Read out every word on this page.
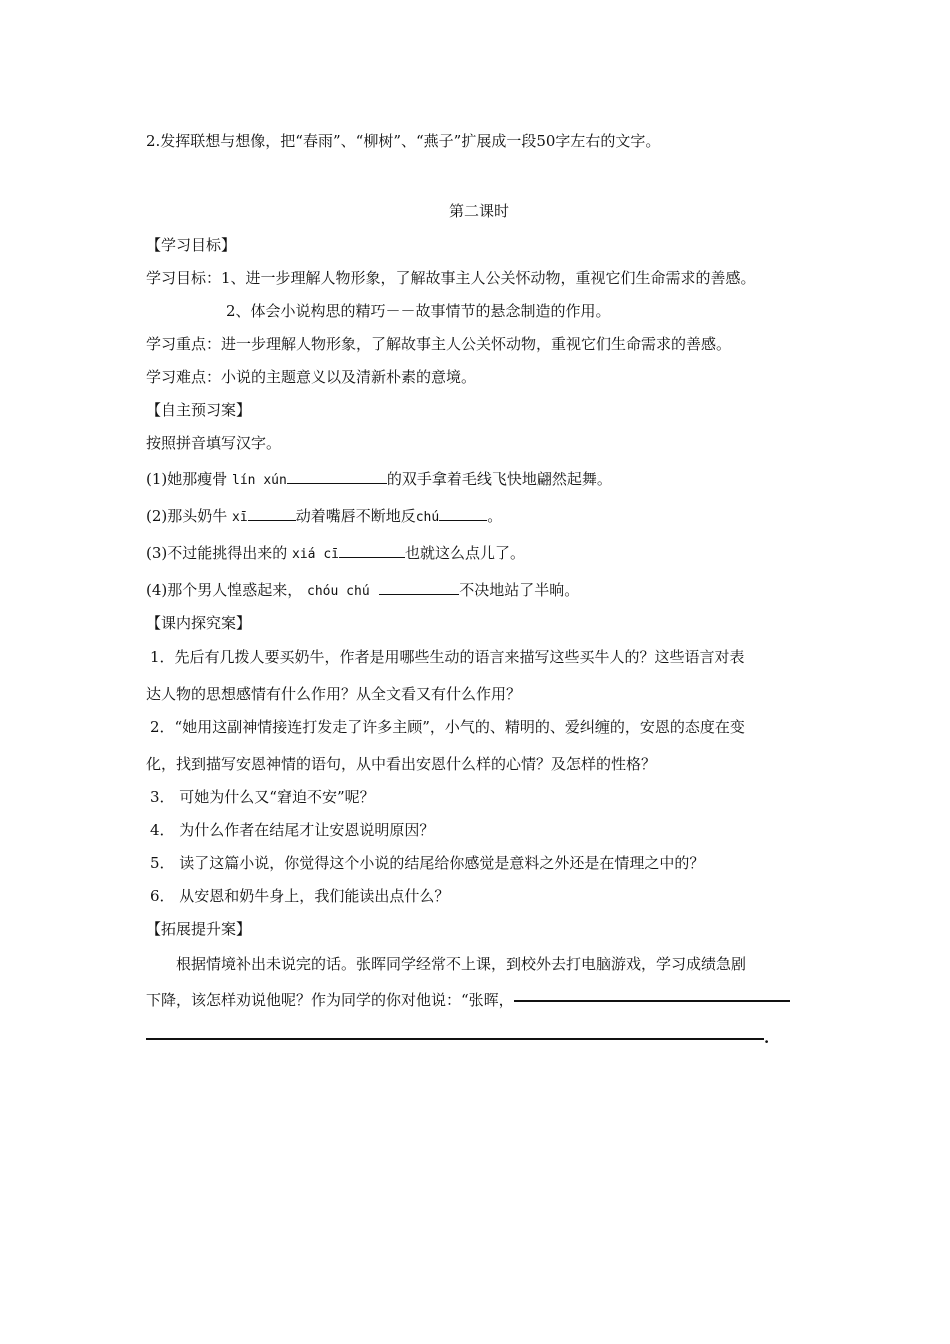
2.发挥联想与想像，把“春雨”、“柳树”、“燕子”扩展成一段50字左右的文字。
第二课时
【学习目标】
学习目标：1、进一步理解人物形象，了解故事主人公关怀动物，重视它们生命需求的善感。
2、体会小说构思的精巧－－故事情节的悬念制造的作用。
学习重点：进一步理解人物形象，了解故事主人公关怀动物，重视它们生命需求的善感。
学习难点：小说的主题意义以及清新朴素的意境。
【自主预习案】
按照拼音填写汉字。
(1)她那瘦骨 lín xún	的双手拿着毛线飞快地翩然起舞。
(2)那头奶牛 xī	动着嘴唇不断地反chú	。
(3)不过能挑得出来的 xiá cī	也就这么点儿了。
(4)那个男人惶惑起来， chóu chú	不决地站了半晌。
【课内探究案】
1．先后有几拨人要买奶牛，作者是用哪些生动的语言来描写这些买牛人的？这些语言对表
达人物的思想感情有什么作用？从全文看又有什么作用？
2．“她用这副神情接连打发走了许多主顾”，小气的、精明的、爱纠缠的，安恩的态度在变
化，找到描写安恩神情的语句，从中看出安恩什么样的心情？及怎样的性格？
3． 可她为什么又“窘迫不安”呢？
4． 为什么作者在结尾才让安恩说明原因？
5． 读了这篇小说，你觉得这个小说的结尾给你感觉是意料之外还是在情理之中的？
6． 从安恩和奶牛身上，我们能读出点什么？
【拓展提升案】
根据情境补出未说完的话。张晖同学经常不上课，到校外去打电脑游戏，学习成绩急剧
下降，该怎样劝说他呢？作为同学的你对他说：“张晖，
.
